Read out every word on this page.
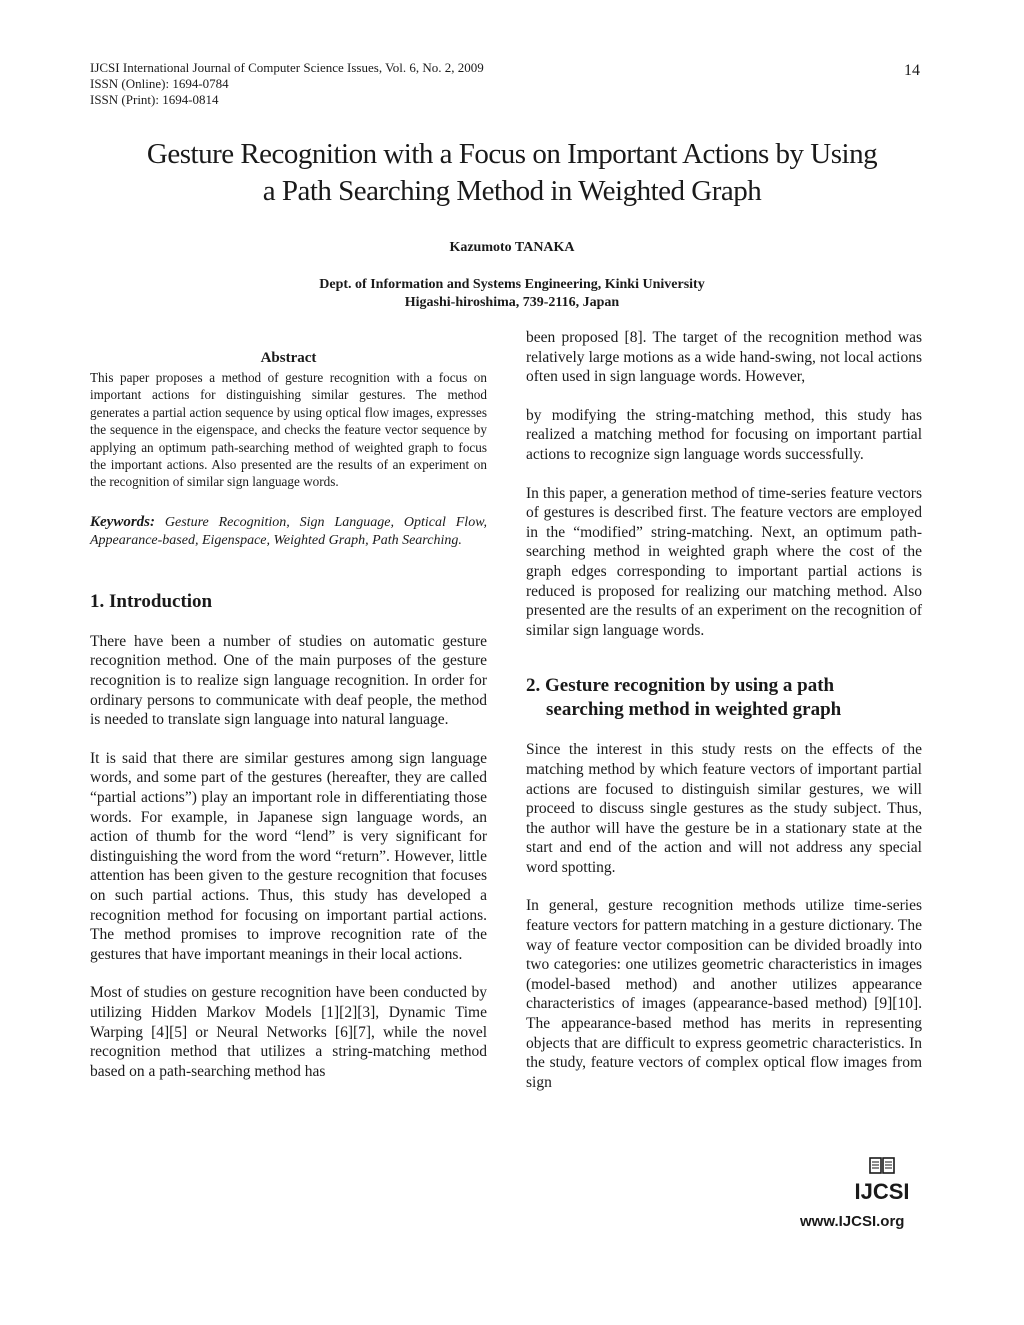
IJCSI International Journal of Computer Science Issues, Vol. 6, No. 2, 2009
ISSN (Online): 1694-0784
ISSN (Print): 1694-0814
14
Gesture Recognition with a Focus on Important Actions by Using
a Path Searching Method in Weighted Graph
Kazumoto TANAKA
Dept. of Information and Systems Engineering, Kinki University
Higashi-hiroshima, 739-2116, Japan

Abstract

This paper proposes a method of gesture recognition with a focus on important actions for distinguishing similar gestures. The method generates a partial action sequence by using optical flow images, expresses the sequence in the eigenspace, and checks the feature vector sequence by applying an optimum path-searching method of weighted graph to focus the important actions. Also presented are the results of an experiment on the recognition of similar sign language words.

Keywords: Gesture Recognition, Sign Language, Optical Flow, Appearance-based, Eigenspace, Weighted Graph, Path Searching.

1. Introduction

There have been a number of studies on automatic gesture recognition method. One of the main purposes of the gesture recognition is to realize sign language recognition. In order for ordinary persons to communicate with deaf people, the method is needed to translate sign language into natural language.

It is said that there are similar gestures among sign language words, and some part of the gestures (hereafter, they are called “partial actions”) play an important role in differentiating those words. For example, in Japanese sign language words, an action of thumb for the word “lend” is very significant for distinguishing the word from the word “return”. However, little attention has been given to the gesture recognition that focuses on such partial actions. Thus, this study has developed a recognition method for focusing on important partial actions. The method promises to improve recognition rate of the gestures that have important meanings in their local actions.

Most of studies on gesture recognition have been conducted by utilizing Hidden Markov Models [1][2][3], Dynamic Time Warping [4][5] or Neural Networks [6][7], while the novel recognition method that utilizes a string-matching method based on a path-searching method has

been proposed [8]. The target of the recognition method was relatively large motions as a wide hand-swing, not local actions often used in sign language words. However,

by modifying the string-matching method, this study has realized a matching method for focusing on important partial actions to recognize sign language words successfully.

In this paper, a generation method of time-series feature vectors of gestures is described first. The feature vectors are employed in the “modified” string-matching. Next, an optimum path-searching method in weighted graph where the cost of the graph edges corresponding to important partial actions is reduced is proposed for realizing our matching method. Also presented are the results of an experiment on the recognition of similar sign language words.

2. Gesture recognition by using a path
searching method in weighted graph

Since the interest in this study rests on the effects of the matching method by which feature vectors of important partial actions are focused to distinguish similar gestures, we will proceed to discuss single gestures as the study subject. Thus, the author will have the gesture be in a stationary state at the start and end of the action and will not address any special word spotting.

In general, gesture recognition methods utilize time-series feature vectors for pattern matching in a gesture dictionary. The way of feature vector composition can be divided broadly into two categories: one utilizes geometric characteristics in images (model-based method) and another utilizes appearance characteristics of images (appearance-based method) [9][10]. The appearance-based method has merits in representing objects that are difficult to express geometric characteristics. In the study, feature vectors of complex optical flow images from sign

IJCSI
www.IJCSI.org
